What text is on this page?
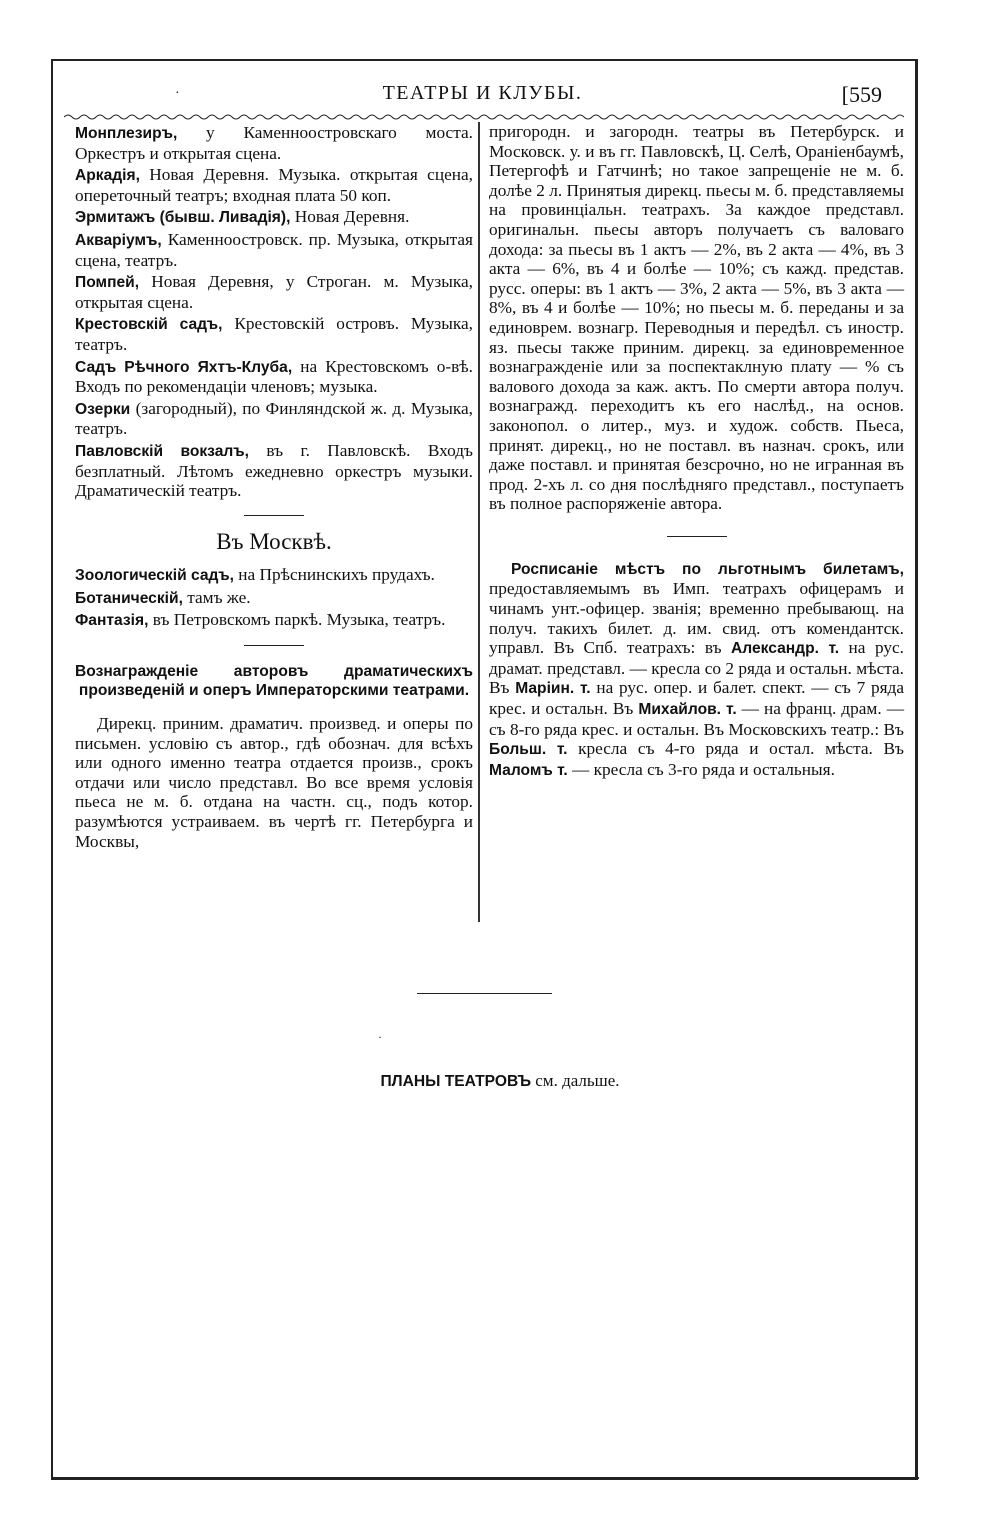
·	ТЕАТРЫ И КЛУБЫ.	[559
Монплезиръ, у Каменноостровскаго моста. Оркестръ и открытая сцена.
Аркадія, Новая Деревня. Музыка. открытая сцена, опереточный театръ; входная плата 50 коп.
Эрмитажъ (бывш. Ливадія), Новая Деревня.
Акваріумъ, Каменноостровск. пр. Музыка, открытая сцена, театръ.
Помпей, Новая Деревня, у Строган. м. Музыка, открытая сцена.
Крестовскій садъ, Крестовскій островъ. Музыка, театръ.
Садъ Рѣчного Яхтъ-Клуба, на Крестовскомъ о-вѣ. Входъ по рекомендаціи членовъ; музыка.
Озерки (загородный), по Финляндской ж. д. Музыка, театръ.
Павловскій вокзалъ, въ г. Павловскѣ. Входъ безплатный. Лѣтомъ ежедневно оркестръ музыки. Драматическій театръ.
Въ Москвѣ.
Зоологическій садъ, на Прѣснинскихъ прудахъ.
Ботаническій, тамъ же.
Фантазія, въ Петровскомъ паркѣ. Музыка, театръ.
Вознагражденіе авторовъ драматическихъ произведеній и оперъ Императорскими театрами.
Дирекц. приним. драматич. произвед. и оперы по письмен. условію съ автор., гдѣ обознач. для всѣхъ или одного именно театра отдается произв., срокъ отдачи или число представл. Во все время условія пьеса не м. б. отдана на частн. сц., подъ котор. разумѣются устраиваем. въ чертѣ гг. Петербурга и Москвы,
пригородн. и загородн. театры въ Петербурск. и Московск. у. и въ гг. Павловскѣ, Ц. Селѣ, Ораніенбаумѣ, Петергофѣ и Гатчинѣ; но такое запрещеніе не м. б. долѣе 2 л. Принятыя дирекц. пьесы м. б. представляемы на провинціальн. театрахъ. За каждое представл. оригинальн. пьесы авторъ получаетъ съ валоваго дохода: за пьесы въ 1 актъ — 2%, въ 2 акта — 4%, въ 3 акта — 6%, въ 4 и болѣе — 10%; съ кажд. представ. русс. оперы: въ 1 актъ — 3%, 2 акта — 5%, въ 3 акта — 8%, въ 4 и болѣе — 10%; но пьесы м. б. переданы и за единоврем. вознагр. Переводныя и передѣл. съ иностр. яз. пьесы также приним. дирекц. за единовременное вознагражденіе или за поспектаклную плату — % съ валового дохода за каж. актъ. По смерти автора получ. вознагражд. переходитъ къ его наслѣд., на основ. законопол. о литер., муз. и худож. собств. Пьеса, принят. дирекц., но не поставл. въ назнач. срокъ, или даже поставл. и принятая безсрочно, но не игранная въ прод. 2-хъ л. со дня послѣдняго представл., поступаетъ въ полное распоряженіе автора.
Росписаніе мѣстъ по льготнымъ билетамъ, предоставляемымъ въ Имп. театрахъ офицерамъ и чинамъ унт.-офицер. званія; временно пребывающ. на получ. такихъ билет. д. им. свид. отъ комендантск. управл. Въ Спб. театрахъ: въ Александр. т. на рус. драмат. представл. — кресла со 2 ряда и остальн. мѣста. Въ Маріин. т. на рус. опер. и балет. спект. — съ 7 ряда крес. и остальн. Въ Михайлов. т. — на франц. драм. — съ 8-го ряда крес. и остальн. Въ Московскихъ театр.: Въ Больш. т. кресла съ 4-го ряда и остал. мѣста. Въ Маломъ т. — кресла съ 3-го ряда и остальныя.
·
ПЛАНЫ ТЕАТРОВЪ см. дальше.
